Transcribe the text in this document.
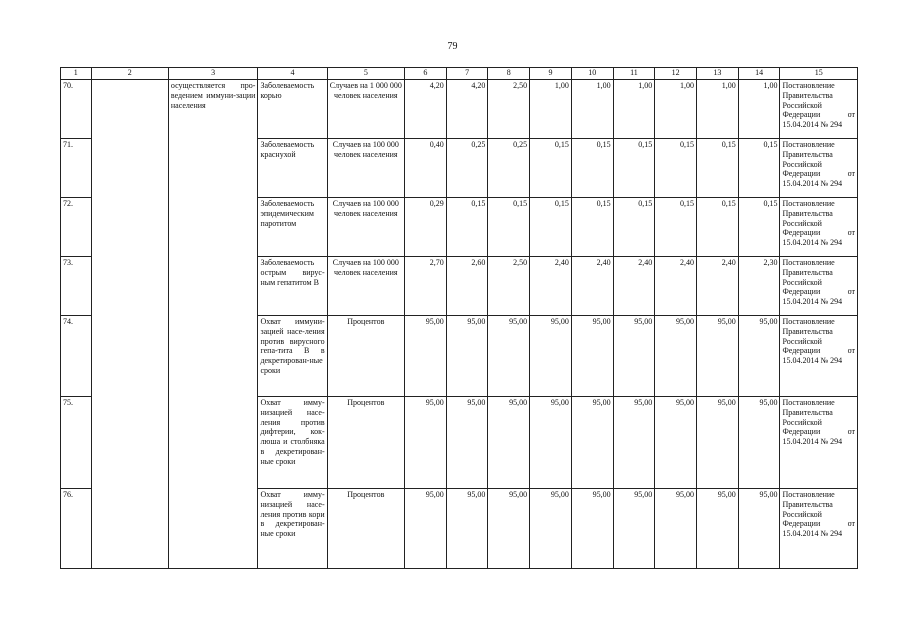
79
1	2	3	4	5	6	7	8	9	10	11	12	13	14	15
70.		осуществляется про-ведением иммуни-зации населения	Заболеваемость корью	Случаев на 1 000 000 человек населения	4,20	4,20	2,50	1,00	1,00	1,00	1,00	1,00	1,00	Постановление Правительства Российской Федерации от 15.04.2014 № 294
71.			Заболеваемость краснухой	Случаев на 100 000 человек населения	0,40	0,25	0,25	0,15	0,15	0,15	0,15	0,15	0,15	Постановление Правительства Российской Федерации от 15.04.2014 № 294
72.			Заболеваемость эпидемическим паротитом	Случаев на 100 000 человек населения	0,29	0,15	0,15	0,15	0,15	0,15	0,15	0,15	0,15	Постановление Правительства Российской Федерации от 15.04.2014 № 294
73.			Заболеваемость острым вирус-ным гепатитом В	Случаев на 100 000 человек населения	2,70	2,60	2,50	2,40	2,40	2,40	2,40	2,40	2,30	Постановление Правительства Российской Федерации от 15.04.2014 № 294
74.			Охват иммуни-зацией насе-ления против вирусного гепа-тита В в декретирован-ные сроки	Процентов	95,00	95,00	95,00	95,00	95,00	95,00	95,00	95,00	95,00	Постановление Правительства Российской Федерации от 15.04.2014 № 294
75.			Охват имму-низацией насе-ления против дифтерии, кок-люша и столбняка в декретирован-ные сроки	Процентов	95,00	95,00	95,00	95,00	95,00	95,00	95,00	95,00	95,00	Постановление Правительства Российской Федерации от 15.04.2014 № 294
76.			Охват имму-низацией насе-ления против кори в декретирован-ные сроки	Процентов	95,00	95,00	95,00	95,00	95,00	95,00	95,00	95,00	95,00	Постановление Правительства Российской Федерации от 15.04.2014 № 294
